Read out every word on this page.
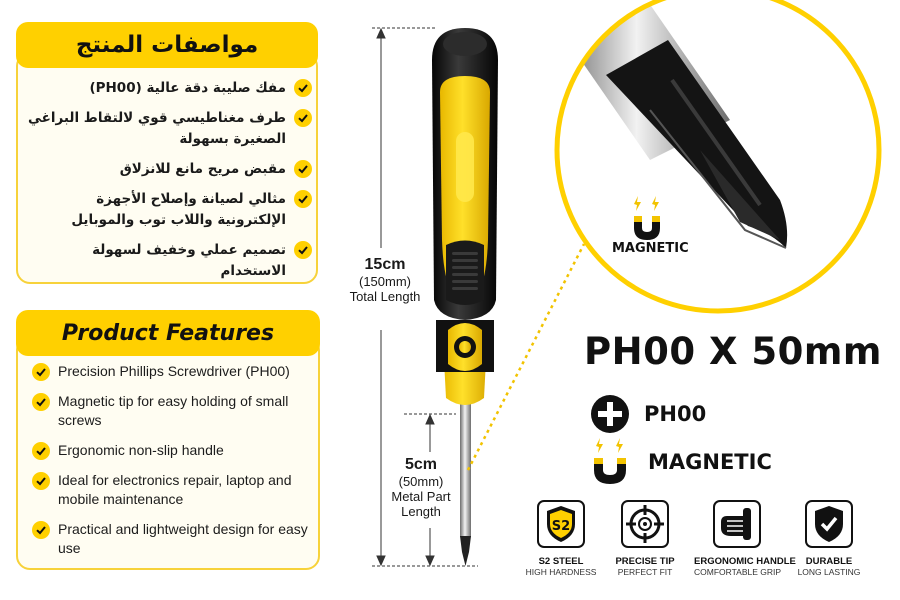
مواصفات المنتج
مفك صليبة دقة عالية (PH00)
طرف مغناطيسي قوي لالتقاط البراغي الصغيرة بسهولة
مقبض مريح مانع للانزلاق
مثالي لصيانة وإصلاح الأجهزة الإلكترونية واللاب توب والموبايل
تصميم عملي وخفيف لسهولة الاستخدام
Product Features
Precision Phillips Screwdriver (PH00)
Magnetic tip for easy holding of small screws
Ergonomic non-slip handle
Ideal for electronics repair, laptop and mobile maintenance
Practical and lightweight design for easy use
MAGNETIC
15cm
(150mm)
Total Length
5cm
(50mm)
Metal Part
Length
PH00 X 50mm
PH00
MAGNETIC
S2
S2 STEEL
HIGH HARDNESS
PRECISE TIP
PERFECT FIT
ERGONOMIC HANDLE
COMFORTABLE GRIP
DURABLE
LONG LASTING
